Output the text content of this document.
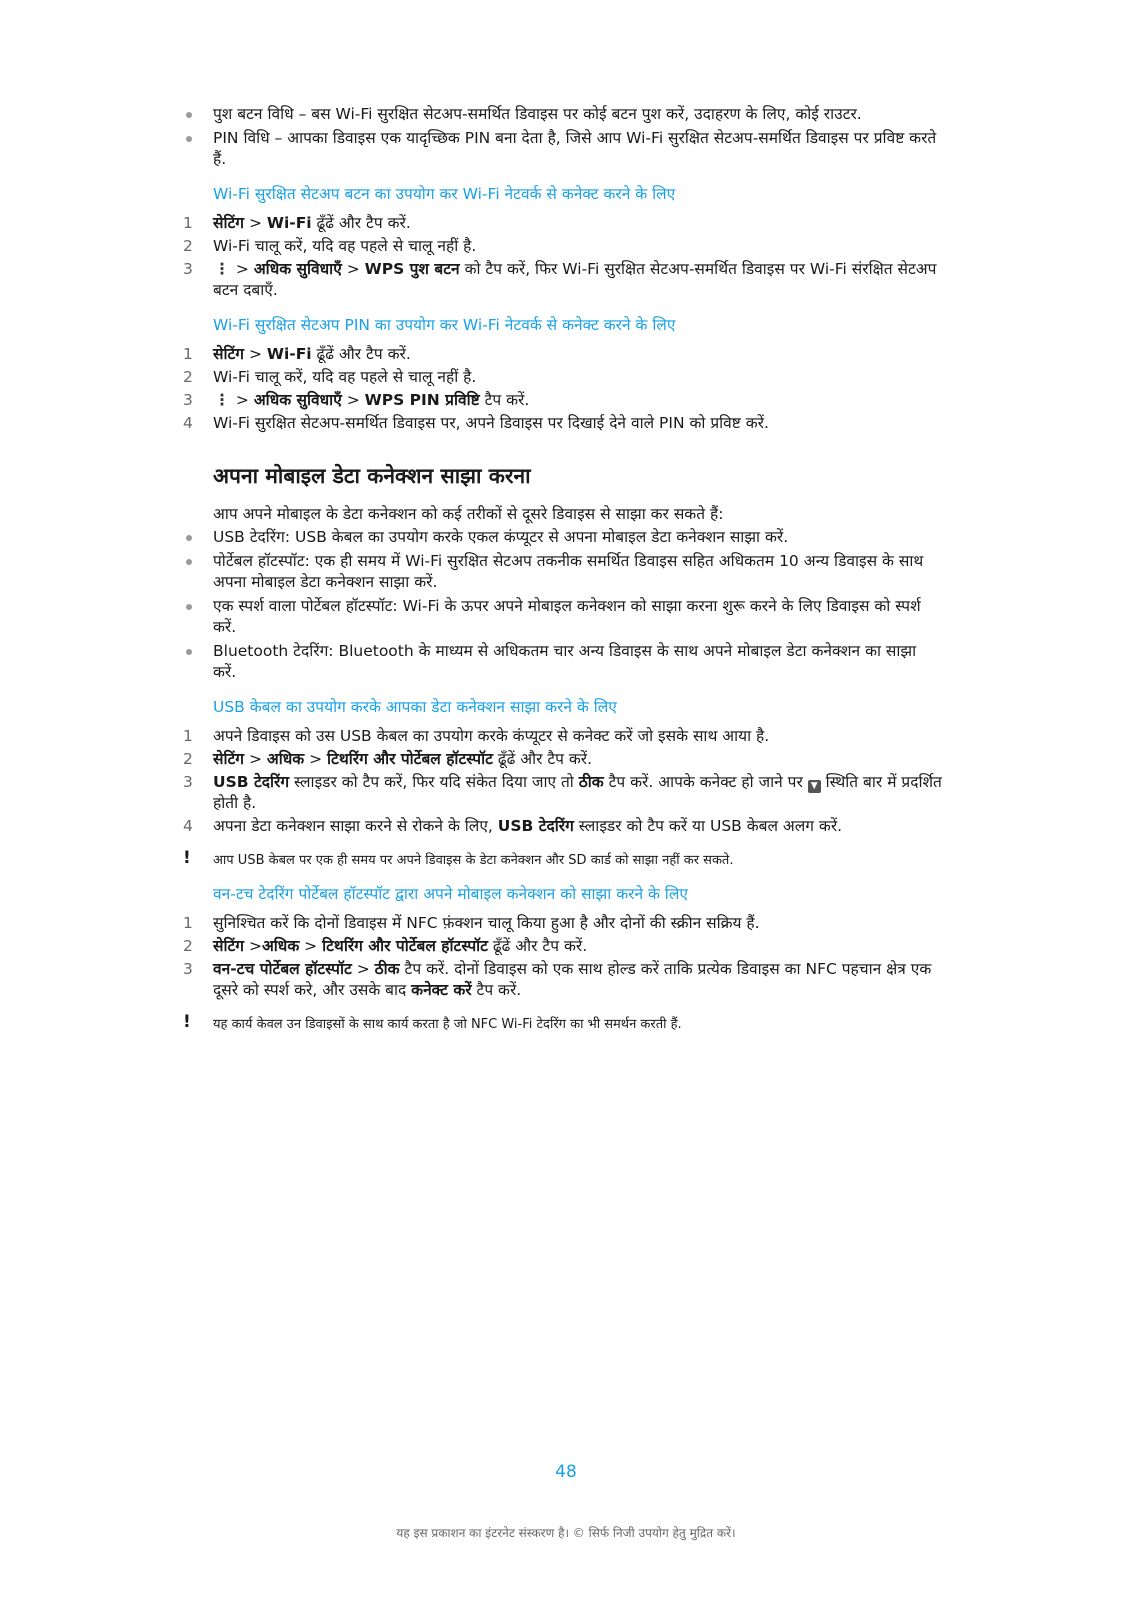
पुश बटन विधि – बस Wi-Fi सुरक्षित सेटअप-समर्थित डिवाइस पर कोई बटन पुश करें, उदाहरण के लिए, कोई राउटर.
PIN विधि – आपका डिवाइस एक यादृच्छिक PIN बना देता है, जिसे आप Wi-Fi सुरक्षित सेटअप-समर्थित डिवाइस पर प्रविष्ट करते हैं.
Wi-Fi सुरक्षित सेटअप बटन का उपयोग कर Wi-Fi नेटवर्क से कनेक्ट करने के लिए
1	सेटिंग > Wi-Fi ढूँढें और टैप करें.
2	Wi-Fi चालू करें, यदि वह पहले से चालू नहीं है.
3	⋮ > अधिक सुविधाएँ > WPS पुश बटन को टैप करें, फिर Wi-Fi सुरक्षित सेटअप-समर्थित डिवाइस पर Wi-Fi संरक्षित सेटअप बटन दबाएँ.
Wi-Fi सुरक्षित सेटअप PIN का उपयोग कर Wi-Fi नेटवर्क से कनेक्ट करने के लिए
1	सेटिंग > Wi-Fi ढूँढें और टैप करें.
2	Wi-Fi चालू करें, यदि वह पहले से चालू नहीं है.
3	⋮ > अधिक सुविधाएँ > WPS PIN प्रविष्टि टैप करें.
4	Wi-Fi सुरक्षित सेटअप-समर्थित डिवाइस पर, अपने डिवाइस पर दिखाई देने वाले PIN को प्रविष्ट करें.
अपना मोबाइल डेटा कनेक्शन साझा करना
आप अपने मोबाइल के डेटा कनेक्शन को कई तरीकों से दूसरे डिवाइस से साझा कर सकते हैं:
USB टेदरिंग: USB केबल का उपयोग करके एकल कंप्यूटर से अपना मोबाइल डेटा कनेक्शन साझा करें.
पोर्टेबल हॉटस्पॉट: एक ही समय में Wi-Fi सुरक्षित सेटअप तकनीक समर्थित डिवाइस सहित अधिकतम 10 अन्य डिवाइस के साथ अपना मोबाइल डेटा कनेक्शन साझा करें.
एक स्पर्श वाला पोर्टेबल हॉटस्पॉट: Wi-Fi के ऊपर अपने मोबाइल कनेक्शन को साझा करना शुरू करने के लिए डिवाइस को स्पर्श करें.
Bluetooth टेदरिंग: Bluetooth के माध्यम से अधिकतम चार अन्य डिवाइस के साथ अपने मोबाइल डेटा कनेक्शन का साझा करें.
USB केबल का उपयोग करके आपका डेटा कनेक्शन साझा करने के लिए
1	अपने डिवाइस को उस USB केबल का उपयोग करके कंप्यूटर से कनेक्ट करें जो इसके साथ आया है.
2	सेटिंग > अधिक > टिथरिंग और पोर्टेबल हॉटस्पॉट ढूँढें और टैप करें.
3	USB टेदरिंग स्लाइडर को टैप करें, फिर यदि संकेत दिया जाए तो ठीक टैप करें. आपके कनेक्ट हो जाने पर ▼ स्थिति बार में प्रदर्शित होती है.
4	अपना डेटा कनेक्शन साझा करने से रोकने के लिए, USB टेदरिंग स्लाइडर को टैप करें या USB केबल अलग करें.
! आप USB केबल पर एक ही समय पर अपने डिवाइस के डेटा कनेक्शन और SD कार्ड को साझा नहीं कर सकते.
वन-टच टेदरिंग पोर्टेबल हॉटस्पॉट द्वारा अपने मोबाइल कनेक्शन को साझा करने के लिए
1	सुनिश्चित करें कि दोनों डिवाइस में NFC फ़ंक्शन चालू किया हुआ है और दोनों की स्क्रीन सक्रिय हैं.
2	सेटिंग >अधिक > टिथरिंग और पोर्टेबल हॉटस्पॉट ढूँढें और टैप करें.
3	वन-टच पोर्टेबल हॉटस्पॉट > ठीक टैप करें. दोनों डिवाइस को एक साथ होल्ड करें ताकि प्रत्येक डिवाइस का NFC पहचान क्षेत्र एक दूसरे को स्पर्श करे, और उसके बाद कनेक्ट करें टैप करें.
! यह कार्य केवल उन डिवाइसों के साथ कार्य करता है जो NFC Wi-Fi टेदरिंग का भी समर्थन करती हैं.
48
यह इस प्रकाशन का इंटरनेट संस्करण है। © सिर्फ निजी उपयोग हेतु मुद्रित करें।
